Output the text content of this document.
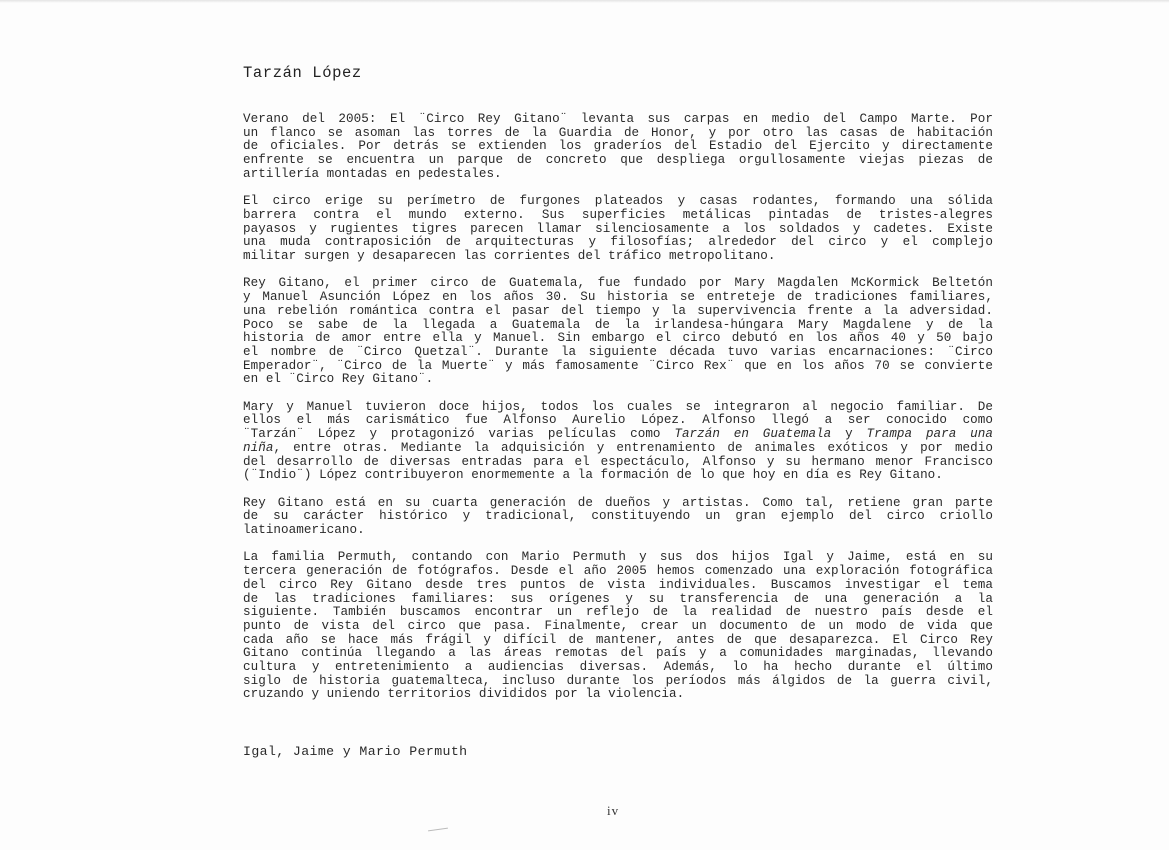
Tarzán López

Verano del 2005: El ¨Circo Rey Gitano¨ levanta sus carpas en medio del Campo Marte. Por
un flanco se asoman las torres de la Guardia de Honor, y por otro las casas de habitación
de oficiales. Por detrás se extienden los graderíos del Estadio del Ejercito y directamente
enfrente se encuentra un parque de concreto que despliega orgullosamente viejas piezas de
artillería montadas en pedestales.

El circo erige su perímetro de furgones plateados y casas rodantes, formando una sólida
barrera contra el mundo externo. Sus superficies metálicas pintadas de tristes-alegres
payasos y rugientes tigres parecen llamar silenciosamente a los soldados y cadetes. Existe
una muda contraposición de arquitecturas y filosofías; alrededor del circo y el complejo
militar surgen y desaparecen las corrientes del tráfico metropolitano.

Rey Gitano, el primer circo de Guatemala, fue fundado por Mary Magdalen McKormick Beltetón
y Manuel Asunción López en los años 30. Su historia se entreteje de tradiciones familiares,
una rebelión romántica contra el pasar del tiempo y la supervivencia frente a la adversidad.
Poco se sabe de la llegada a Guatemala de la irlandesa-húngara Mary Magdalene y de la
historia de amor entre ella y Manuel. Sin embargo el circo debutó en los años 40 y 50 bajo
el nombre de ¨Circo Quetzal¨. Durante la siguiente década tuvo varias encarnaciones: ¨Circo
Emperador¨, ¨Circo de la Muerte¨ y más famosamente ¨Circo Rex¨ que en los años 70 se convierte
en el ¨Circo Rey Gitano¨.

Mary y Manuel tuvieron doce hijos, todos los cuales se integraron al negocio familiar. De
ellos el más carismático fue Alfonso Aurelio López. Alfonso llegó a ser conocido como
¨Tarzán¨ López y protagonizó varias películas como Tarzán en Guatemala y Trampa para una
niña, entre otras. Mediante la adquisición y entrenamiento de animales exóticos y por medio
del desarrollo de diversas entradas para el espectáculo, Alfonso y su hermano menor Francisco
(¨Indio¨) López contribuyeron enormemente a la formación de lo que hoy en día es Rey Gitano.

Rey Gitano está en su cuarta generación de dueños y artistas. Como tal, retiene gran parte
de su carácter histórico y tradicional, constituyendo un gran ejemplo del circo criollo
latinoamericano.

La familia Permuth, contando con Mario Permuth y sus dos hijos Igal y Jaime, está en su
tercera generación de fotógrafos. Desde el año 2005 hemos comenzado una exploración fotográfica
del circo Rey Gitano desde tres puntos de vista individuales. Buscamos investigar el tema
de las tradiciones familiares: sus orígenes y su transferencia de una generación a la
siguiente. También buscamos encontrar un reflejo de la realidad de nuestro país desde el
punto de vista del circo que pasa. Finalmente, crear un documento de un modo de vida que
cada año se hace más frágil y difícil de mantener, antes de que desaparezca. El Circo Rey
Gitano continúa llegando a las áreas remotas del país y a comunidades marginadas, llevando
cultura y entretenimiento a audiencias diversas. Además, lo ha hecho durante el último
siglo de historia guatemalteca, incluso durante los períodos más álgidos de la guerra civil,
cruzando y uniendo territorios divididos por la violencia.

Igal, Jaime y Mario Permuth
iv
